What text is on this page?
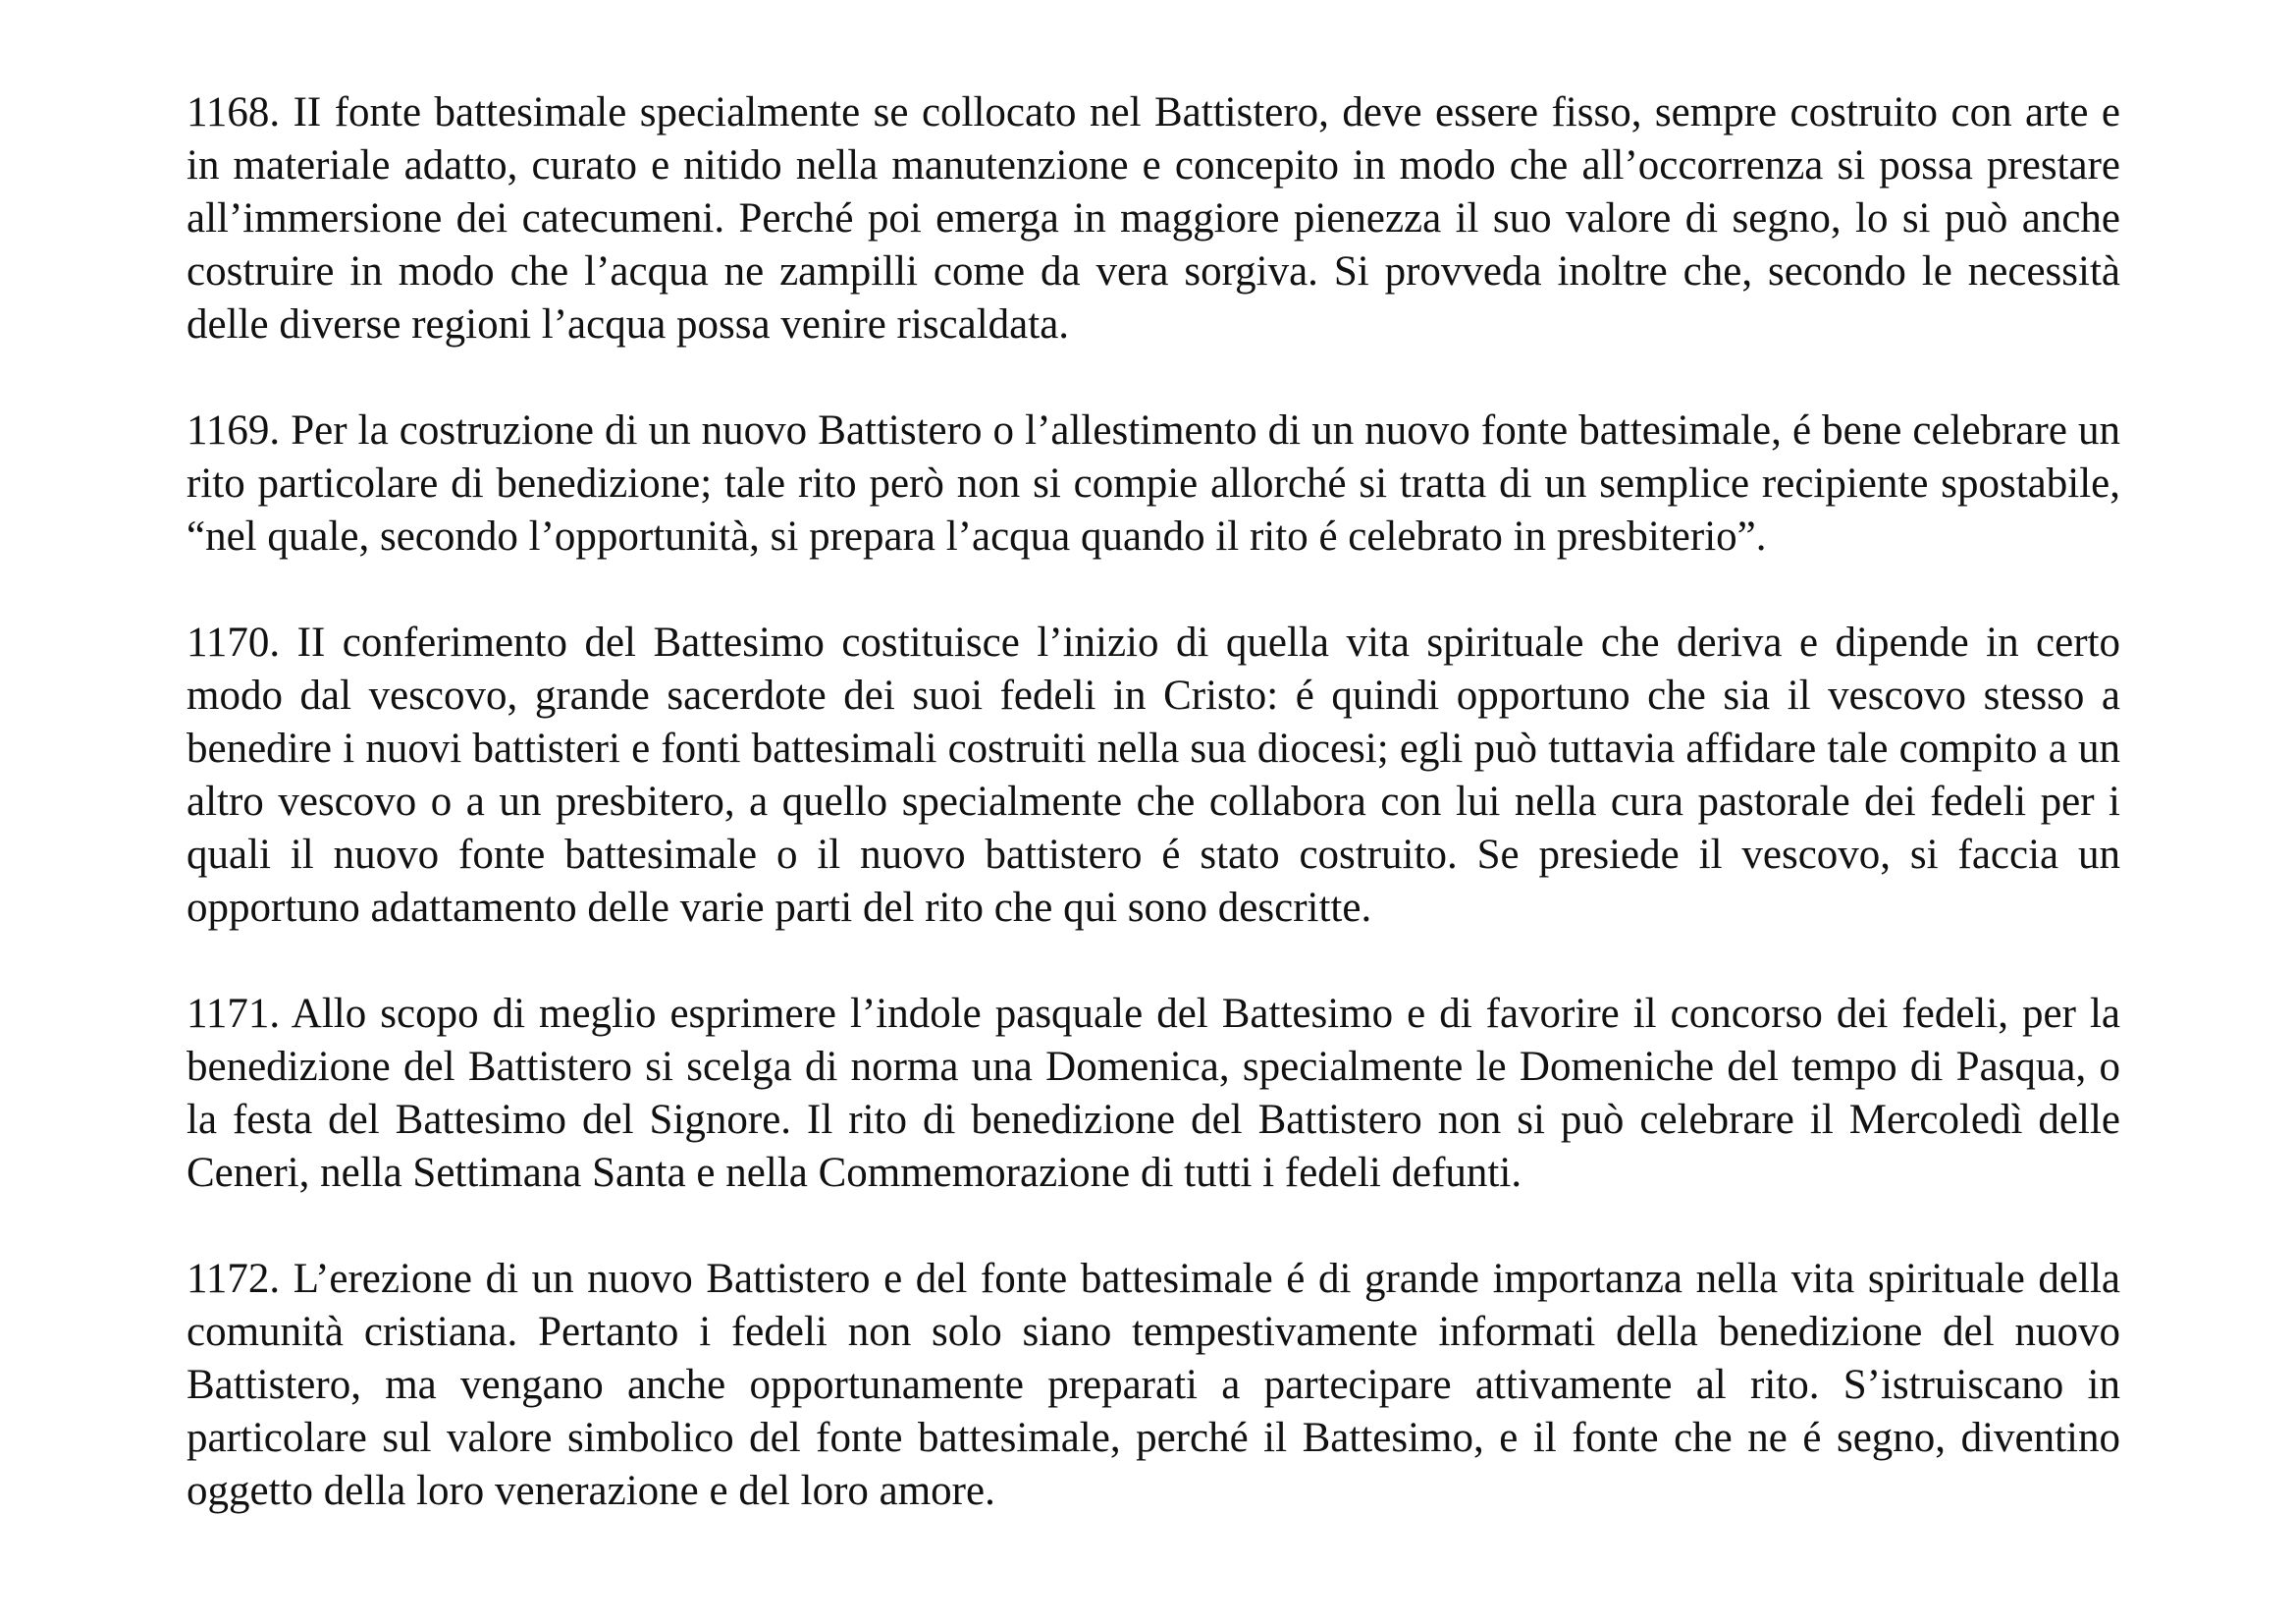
1168. II fonte battesimale specialmente se collocato nel Battistero, deve essere fisso, sempre costruito con arte e in materiale adatto, curato e nitido nella manutenzione e concepito in modo che all’occorrenza si possa prestare all’immersione dei catecumeni. Perché poi emerga in maggiore pienezza il suo valore di segno, lo si può anche costruire in modo che l’acqua ne zampilli come da vera sorgiva. Si provveda inoltre che, secondo le necessità delle diverse regioni l’acqua possa venire riscaldata.

1169. Per la costruzione di un nuovo Battistero o l’allestimento di un nuovo fonte battesimale, é bene celebrare un rito particolare di benedizione; tale rito però non si compie allorché si tratta di un semplice recipiente spostabile, “nel quale, secondo l’opportunità, si prepara l’acqua quando il rito é celebrato in presbiterio”.

1170. II conferimento del Battesimo costituisce l’inizio di quella vita spirituale che deriva e dipende in certo modo dal vescovo, grande sacerdote dei suoi fedeli in Cristo: é quindi opportuno che sia il vescovo stesso a benedire i nuovi battisteri e fonti battesimali costruiti nella sua diocesi; egli può tuttavia affidare tale compito a un altro vescovo o a un presbitero, a quello specialmente che collabora con lui nella cura pastorale dei fedeli per i quali il nuovo fonte battesimale o il nuovo battistero é stato costruito. Se presiede il vescovo, si faccia un opportuno adattamento delle varie parti del rito che qui sono descritte.

1171. Allo scopo di meglio esprimere l’indole pasquale del Battesimo e di favorire il concorso dei fedeli, per la benedizione del Battistero si scelga di norma una Domenica, specialmente le Domeniche del tempo di Pasqua, o la festa del Battesimo del Signore. Il rito di benedizione del Battistero non si può celebrare il Mercoledì delle Ceneri, nella Settimana Santa e nella Commemorazione di tutti i fedeli defunti.

1172. L’erezione di un nuovo Battistero e del fonte battesimale é di grande importanza nella vita spirituale della comunità cristiana. Pertanto i fedeli non solo siano tempestivamente informati della benedizione del nuovo Battistero, ma vengano anche opportunamente preparati a partecipare attivamente al rito. S’istruiscano in particolare sul valore simbolico del fonte battesimale, perché il Battesimo, e il fonte che ne é segno, diventino oggetto della loro venerazione e del loro amore.
